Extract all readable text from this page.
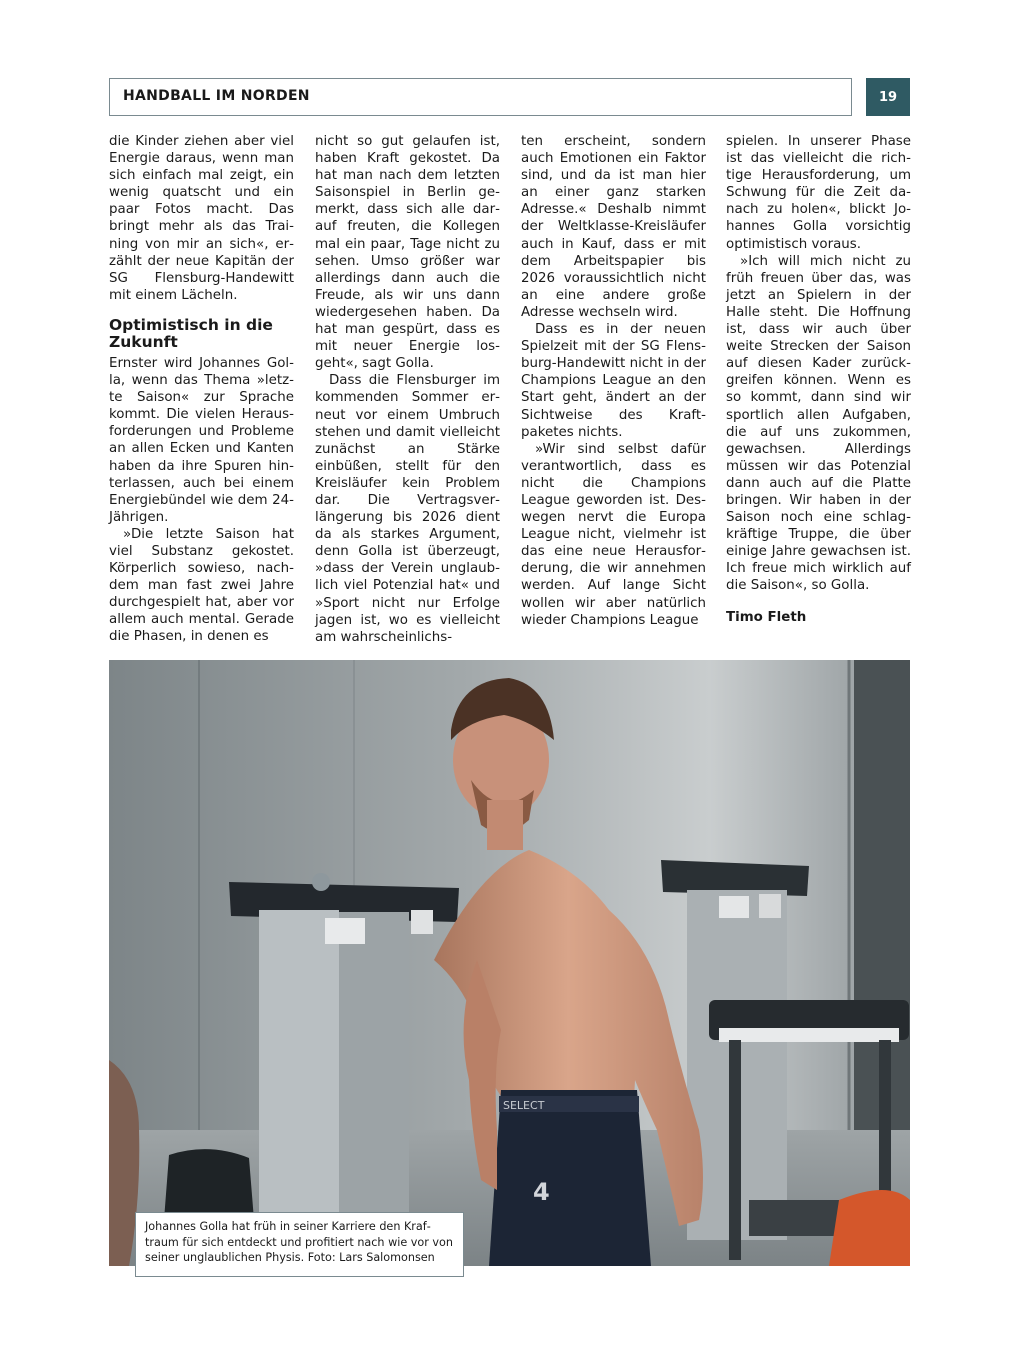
HANDBALL IM NORDEN	19

die Kinder ziehen aber viel Energie daraus, wenn man sich einfach mal zeigt, ein wenig quatscht und ein paar Fotos macht. Das bringt mehr als das Training von mir an sich«, erzählt der neue Kapitän der SG Flensburg-Handewitt mit einem Lächeln.

Optimistisch in die Zukunft

Ernster wird Johannes Golla, wenn das Thema »letzte Saison« zur Sprache kommt. Die vielen Herausforderungen und Probleme an allen Ecken und Kanten haben da ihre Spuren hinterlassen, auch bei einem Energiebündel wie dem 24-Jährigen.

»Die letzte Saison hat viel Substanz gekostet. Körperlich sowieso, nachdem man fast zwei Jahre durchgespielt hat, aber vor allem auch mental. Gerade die Phasen, in denen es

nicht so gut gelaufen ist, haben Kraft gekostet. Da hat man nach dem letzten Saisonspiel in Berlin gemerkt, dass sich alle darauf freuten, die Kollegen mal ein paar, Tage nicht zu sehen. Umso größer war allerdings dann auch die Freude, als wir uns dann wiedergesehen haben. Da hat man gespürt, dass es mit neuer Energie losgeht«, sagt Golla.

Dass die Flensburger im kommenden Sommer erneut vor einem Umbruch stehen und damit vielleicht zunächst an Stärke einbüßen, stellt für den Kreisläufer kein Problem dar. Die Vertragsverlängerung bis 2026 dient da als starkes Argument, denn Golla ist überzeugt, »dass der Verein unglaublich viel Potenzial hat« und »Sport nicht nur Erfolge jagen ist, wo es vielleicht am wahrscheinlichs-

ten erscheint, sondern auch Emotionen ein Faktor sind, und da ist man hier an einer ganz starken Adresse.« Deshalb nimmt der Weltklasse-Kreisläufer auch in Kauf, dass er mit dem Arbeitspapier bis 2026 voraussichtlich nicht an eine andere große Adresse wechseln wird.

Dass es in der neuen Spielzeit mit der SG Flensburg-Handewitt nicht in der Champions League an den Start geht, ändert an der Sichtweise des Kraftpaketes nichts.

»Wir sind selbst dafür verantwortlich, dass es nicht die Champions League geworden ist. Deswegen nervt die Europa League nicht, vielmehr ist das eine neue Herausforderung, die wir annehmen werden. Auf lange Sicht wollen wir aber natürlich wieder Champions League

spielen. In unserer Phase ist das vielleicht die richtige Herausforderung, um Schwung für die Zeit danach zu holen«, blickt Johannes Golla vorsichtig optimistisch voraus.

»Ich will mich nicht zu früh freuen über das, was jetzt an Spielern in der Halle steht. Die Hoffnung ist, dass wir auch über weite Strecken der Saison auf diesen Kader zurückgreifen können. Wenn es so kommt, dann sind wir sportlich allen Aufgaben, die auf uns zukommen, gewachsen. Allerdings müssen wir das Potenzial dann auch auf die Platte bringen. Wir haben in der Saison noch eine schlagkräftige Truppe, die über einige Jahre gewachsen ist. Ich freue mich wirklich auf die Saison«, so Golla.

Timo Fleth

SELECT
4
Johannes Golla hat früh in seiner Karriere den Kraftraum für sich entdeckt und profitiert nach wie vor von seiner unglaublichen Physis. Foto: Lars Salomonsen
